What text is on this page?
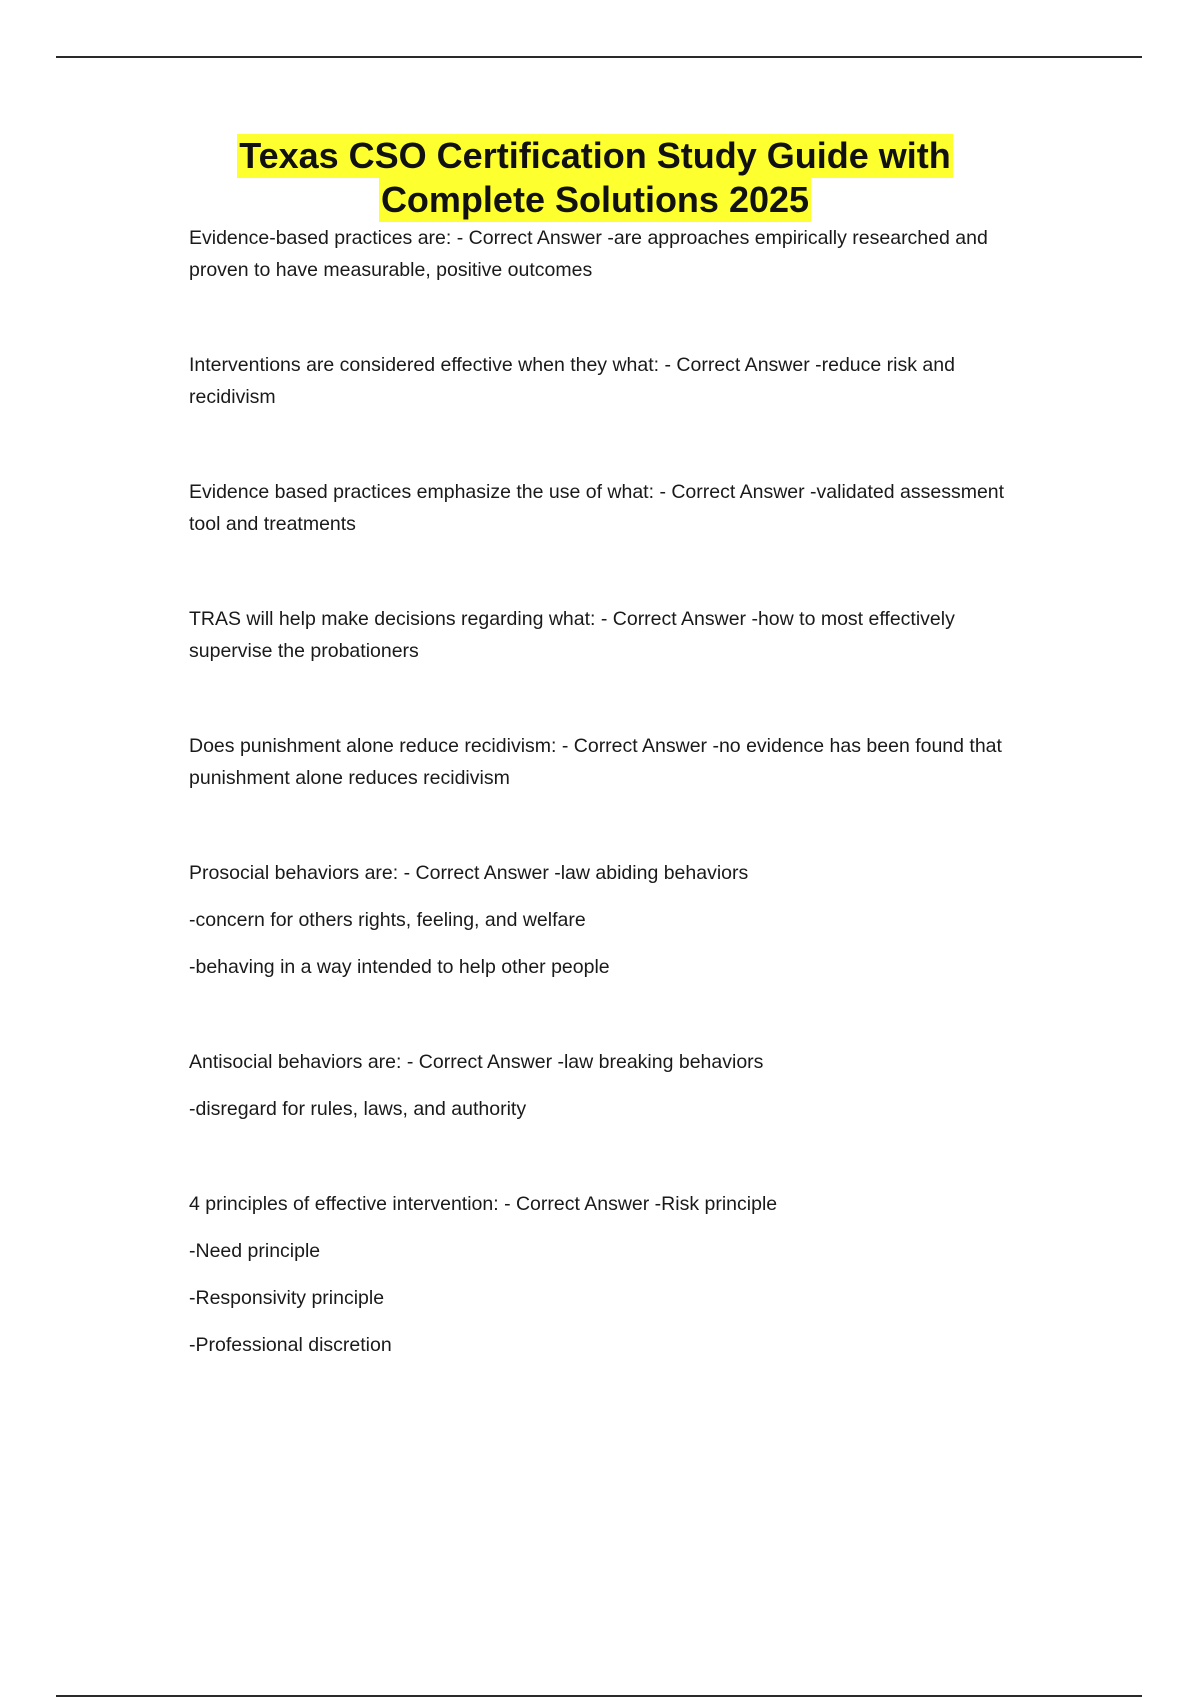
Texas CSO Certification Study Guide with
Complete Solutions 2025

Evidence-based practices are: - Correct Answer -are approaches empirically researched and proven to have measurable, positive outcomes

Interventions are considered effective when they what: - Correct Answer -reduce risk and recidivism

Evidence based practices emphasize the use of what: - Correct Answer -validated assessment tool and treatments

TRAS will help make decisions regarding what: - Correct Answer -how to most effectively supervise the probationers

Does punishment alone reduce recidivism: - Correct Answer -no evidence has been found that punishment alone reduces recidivism

Prosocial behaviors are: - Correct Answer -law abiding behaviors

-concern for others rights, feeling, and welfare

-behaving in a way intended to help other people

Antisocial behaviors are: - Correct Answer -law breaking behaviors

-disregard for rules, laws, and authority

4 principles of effective intervention: - Correct Answer -Risk principle

-Need principle

-Responsivity principle

-Professional discretion
